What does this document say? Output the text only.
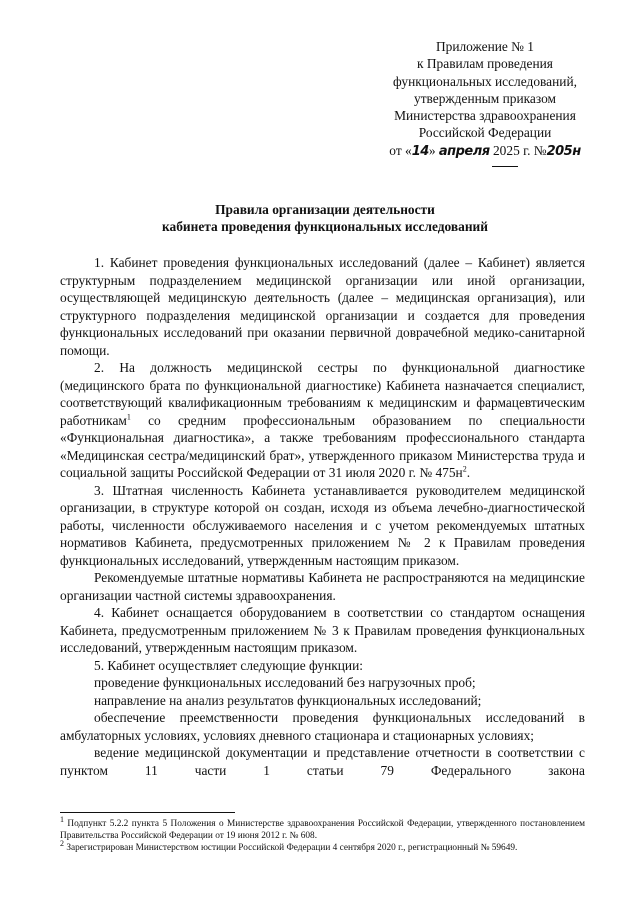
Приложение № 1
к Правилам проведения
функциональных исследований,
утвержденным приказом
Министерства здравоохранения
Российской Федерации
от «14» апреля 2025 г. №205н
Правила организации деятельности
кабинета проведения функциональных исследований

1. Кабинет проведения функциональных исследований (далее – Кабинет) является структурным подразделением медицинской организации или иной организации, осуществляющей медицинскую деятельность (далее – медицинская организация), или структурного подразделения медицинской организации и создается для проведения функциональных исследований при оказании первичной доврачебной медико-санитарной помощи.

2. На должность медицинской сестры по функциональной диагностике (медицинского брата по функциональной диагностике) Кабинета назначается специалист, соответствующий квалификационным требованиям к медицинским и фармацевтическим работникам$^1$ со средним профессиональным образованием по специальности «Функциональная диагностика», а также требованиям профессионального стандарта «Медицинская сестра/медицинский брат», утвержденного приказом Министерства труда и социальной защиты Российской Федерации от 31 июля 2020 г. № $475н^2$.

3. Штатная численность Кабинета устанавливается руководителем медицинской организации, в структуре которой он создан, исходя из объема лечебно-диагностической работы, численности обслуживаемого населения и с учетом рекомендуемых штатных нормативов Кабинета, предусмотренных приложением № 2 к Правилам проведения функциональных исследований, утвержденным настоящим приказом.

Рекомендуемые штатные нормативы Кабинета не распространяются на медицинские организации частной системы здравоохранения.

4. Кабинет оснащается оборудованием в соответствии со стандартом оснащения Кабинета, предусмотренным приложением № 3 к Правилам проведения функциональных исследований, утвержденным настоящим приказом.

5. Кабинет осуществляет следующие функции:

проведение функциональных исследований без нагрузочных проб;

направление на анализ результатов функциональных исследований;

обеспечение преемственности проведения функциональных исследований в амбулаторных условиях, условиях дневного стационара и стационарных условиях;

ведение медицинской документации и представление отчетности в соответствии с пунктом 11 части 1 статьи 79 Федерального закона

$^1$ Подпункт 5.2.2 пункта 5 Положения о Министерстве здравоохранения Российской Федерации, утвержденного постановлением Правительства Российской Федерации от 19 июня 2012 г. № 608.

$^2$ Зарегистрирован Министерством юстиции Российской Федерации 4 сентября 2020 г., регистрационный № 59649.
